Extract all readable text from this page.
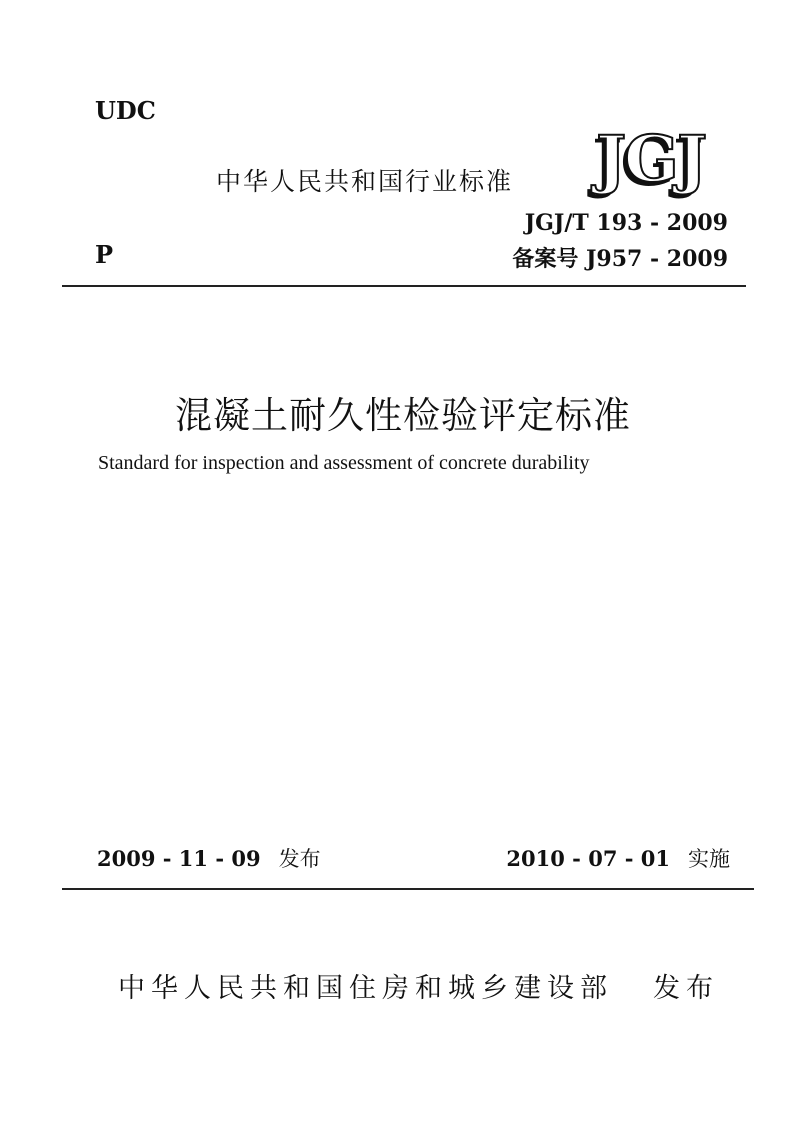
UDC
中华人民共和国行业标准 JGJ
JGJ/T 193 - 2009
备案号 J957 - 2009
P
混凝土耐久性检验评定标准
Standard for inspection and assessment of concrete durability
2009 - 11 - 09 发布	2010 - 07 - 01 实施
中华人民共和国住房和城乡建设部 发布
